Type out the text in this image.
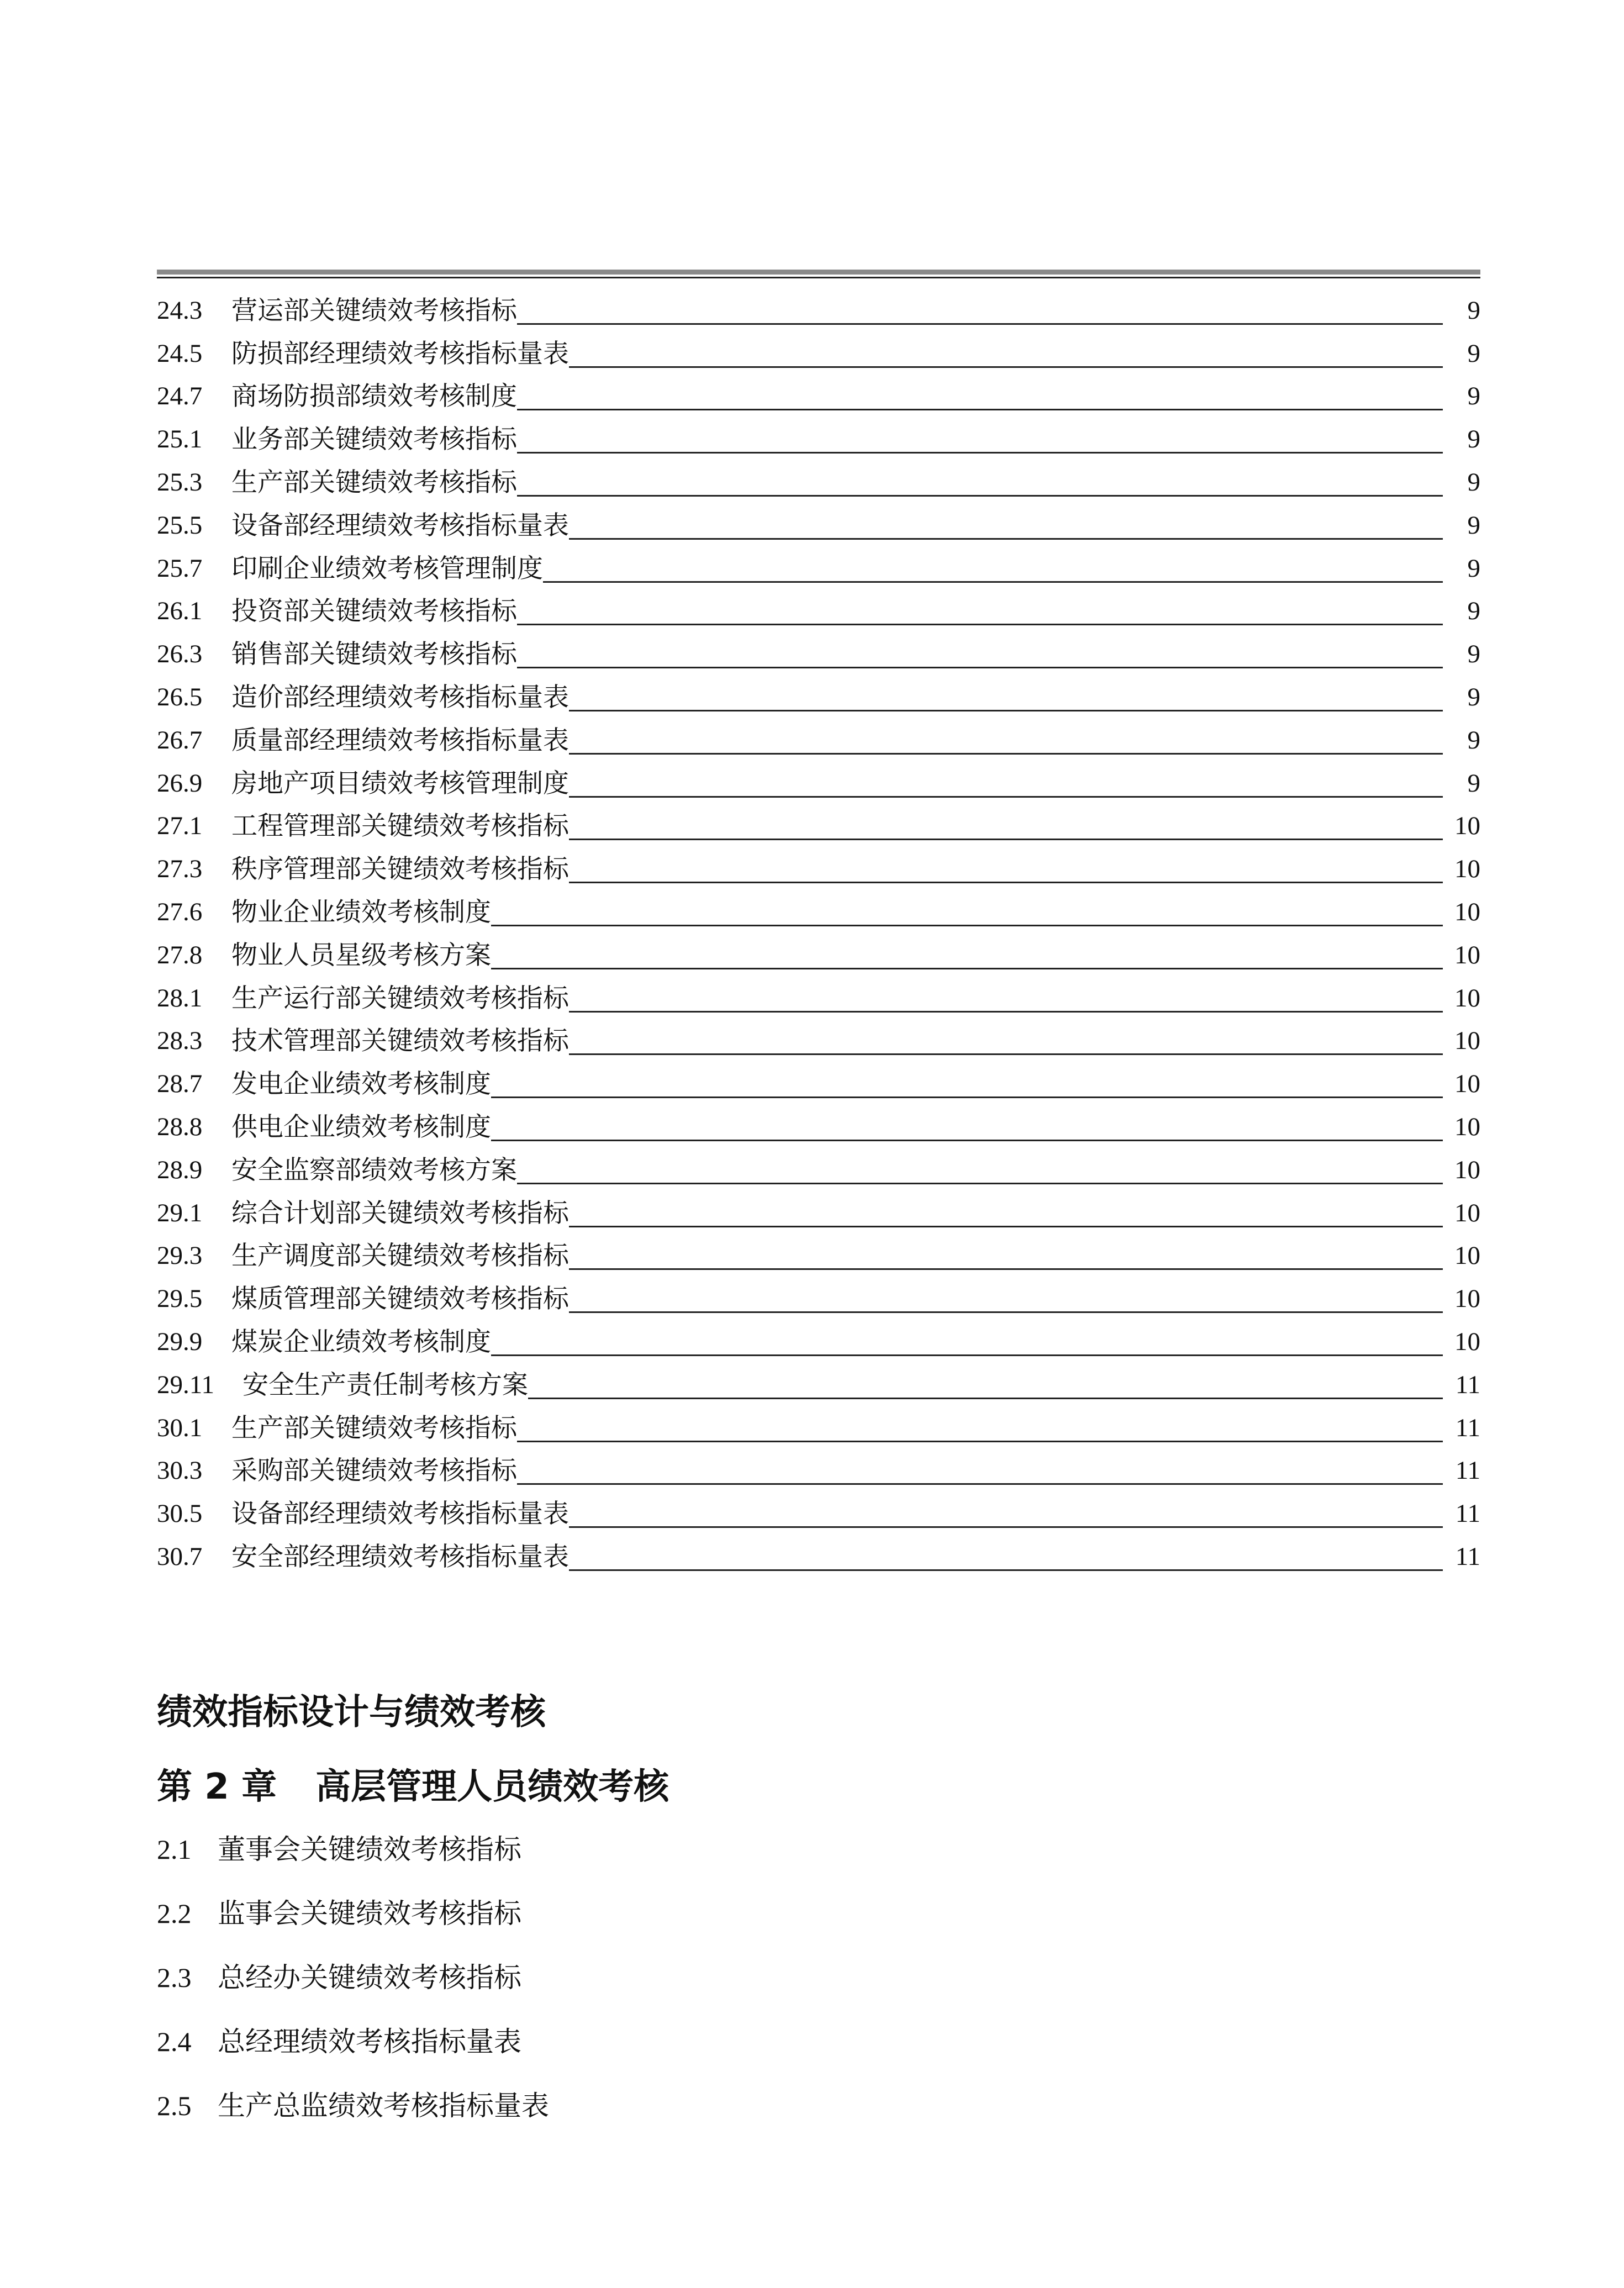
24.3	营运部关键绩效考核指标	9
24.5	防损部经理绩效考核指标量表	9
24.7	商场防损部绩效考核制度	9
25.1	业务部关键绩效考核指标	9
25.3	生产部关键绩效考核指标	9
25.5	设备部经理绩效考核指标量表	9
25.7	印刷企业绩效考核管理制度	9
26.1	投资部关键绩效考核指标	9
26.3	销售部关键绩效考核指标	9
26.5	造价部经理绩效考核指标量表	9
26.7	质量部经理绩效考核指标量表	9
26.9	房地产项目绩效考核管理制度	9
27.1	工程管理部关键绩效考核指标	10
27.3	秩序管理部关键绩效考核指标	10
27.6	物业企业绩效考核制度	10
27.8	物业人员星级考核方案	10
28.1	生产运行部关键绩效考核指标	10
28.3	技术管理部关键绩效考核指标	10
28.7	发电企业绩效考核制度	10
28.8	供电企业绩效考核制度	10
28.9	安全监察部绩效考核方案	10
29.1	综合计划部关键绩效考核指标	10
29.3	生产调度部关键绩效考核指标	10
29.5	煤质管理部关键绩效考核指标	10
29.9	煤炭企业绩效考核制度	10
29.11	安全生产责任制考核方案	11
30.1	生产部关键绩效考核指标	11
30.3	采购部关键绩效考核指标	11
30.5	设备部经理绩效考核指标量表	11
30.7	安全部经理绩效考核指标量表	11
绩效指标设计与绩效考核
第 2 章 高层管理人员绩效考核
2.1 董事会关键绩效考核指标
2.2 监事会关键绩效考核指标
2.3 总经办关键绩效考核指标
2.4 总经理绩效考核指标量表
2.5 生产总监绩效考核指标量表
